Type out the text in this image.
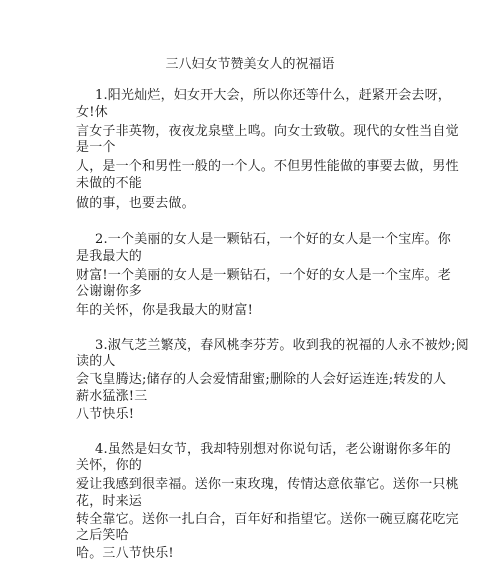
三八妇女节赞美女人的祝福语
1.阳光灿烂，妇女开大会，所以你还等什么，赶紧开会去呀，
女!休
言女子非英物，夜夜龙泉壁上鸣。向女士致敬。现代的女性当自觉
是一个
人，是一个和男性一般的一个人。不但男性能做的事要去做，男性
未做的不能
做的事，也要去做。
2.一个美丽的女人是一颗钻石，一个好的女人是一个宝库。你
是我最大的
财富!一个美丽的女人是一颗钻石，一个好的女人是一个宝库。老
公谢谢你多
年的关怀，你是我最大的财富!
3.淑气芝兰繁茂，春风桃李芬芳。收到我的祝福的人永不被炒;阅
读的人
会飞皇腾达;储存的人会爱情甜蜜;删除的人会好运连连;转发的人
薪水猛涨!三
八节快乐!
4.虽然是妇女节，我却特别想对你说句话，老公谢谢你多年的
关怀，你的
爱让我感到很幸福。送你一束玫瑰，传情达意依靠它。送你一只桃
花，时来运
转全靠它。送你一扎白合，百年好和指望它。送你一碗豆腐花吃完
之后笑哈
哈。三八节快乐!
